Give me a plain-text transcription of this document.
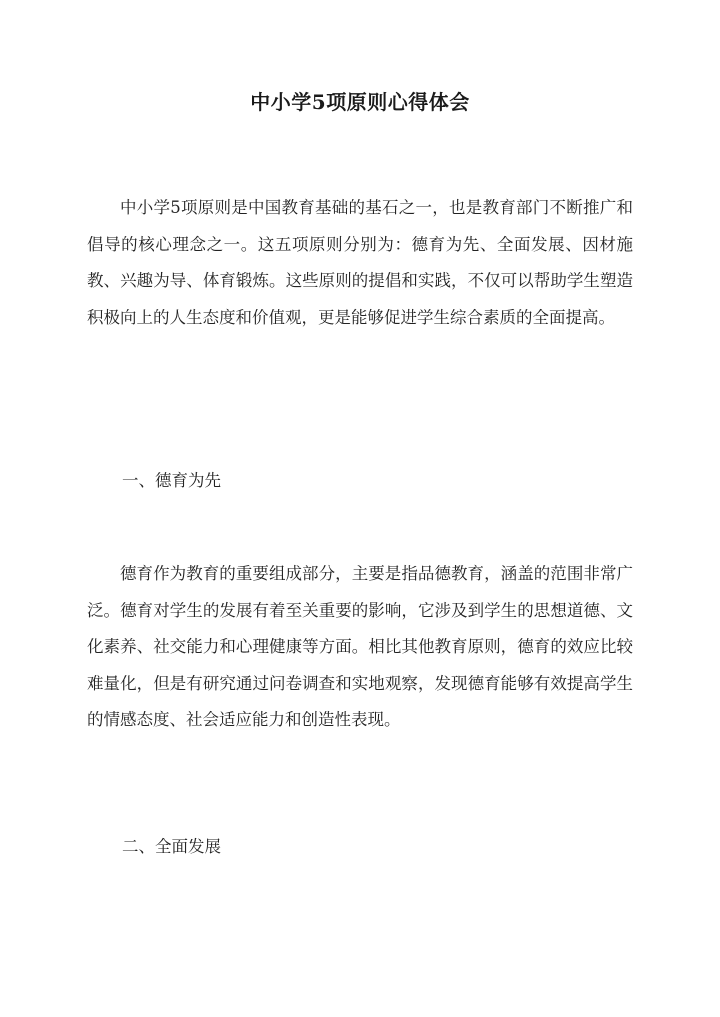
中小学5项原则心得体会
中小学5项原则是中国教育基础的基石之一，也是教育部门不断推广和倡导的核心理念之一。这五项原则分别为：德育为先、全面发展、因材施教、兴趣为导、体育锻炼。这些原则的提倡和实践，不仅可以帮助学生塑造积极向上的人生态度和价值观，更是能够促进学生综合素质的全面提高。
一、德育为先
德育作为教育的重要组成部分，主要是指品德教育，涵盖的范围非常广泛。德育对学生的发展有着至关重要的影响，它涉及到学生的思想道德、文化素养、社交能力和心理健康等方面。相比其他教育原则，德育的效应比较难量化，但是有研究通过问卷调查和实地观察，发现德育能够有效提高学生的情感态度、社会适应能力和创造性表现。
二、全面发展
